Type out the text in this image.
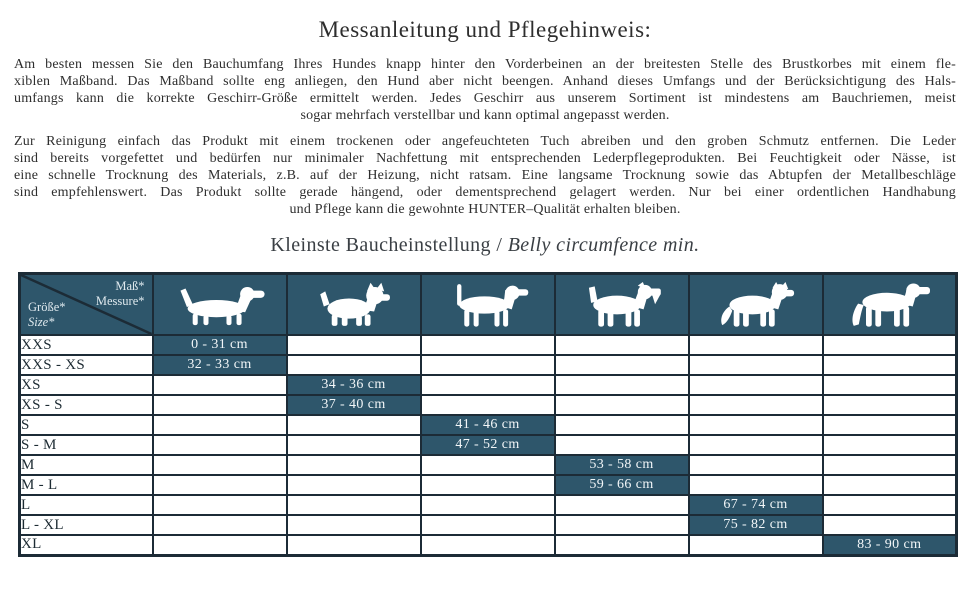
Messanleitung und Pflegehinweis:
Am besten messen Sie den Bauchumfang Ihres Hundes knapp hinter den Vorderbeinen an der breitesten Stelle des Brustkorbes mit einem fle-
xiblen Maßband. Das Maßband sollte eng anliegen, den Hund aber nicht beengen. Anhand dieses Umfangs und der Berücksichtigung des Hals-
umfangs kann die korrekte Geschirr-Größe ermittelt werden. Jedes Geschirr aus unserem Sortiment ist mindestens am Bauchriemen, meist
sogar mehrfach verstellbar und kann optimal angepasst werden.
Zur Reinigung einfach das Produkt mit einem trockenen oder angefeuchteten Tuch abreiben und den groben Schmutz entfernen. Die Leder
sind bereits vorgefettet und bedürfen nur minimaler Nachfettung mit entsprechenden Lederpflegeprodukten. Bei Feuchtigkeit oder Nässe, ist
eine schnelle Trocknung des Materials, z.B. auf der Heizung, nicht ratsam. Eine langsame Trocknung sowie das Abtupfen der Metallbeschläge
sind empfehlenswert. Das Produkt sollte gerade hängend, oder dementsprechend gelagert werden. Nur bei einer ordentlichen Handhabung
und Pflege kann die gewohnte HUNTER–Qualität erhalten bleiben.
Kleinste Baucheinstellung / Belly circumfence min.
Maß*
Messure*
Größe*
Size*

XXS	0 - 31 cm					
XXS - XS	32 - 33 cm					
XS		34 - 36 cm				
XS - S		37 - 40 cm				
S			41 - 46 cm			
S - M			47 - 52 cm			
M				53 - 58 cm		
M - L				59 - 66 cm		
L					67 - 74 cm	
L - XL					75 - 82 cm	
XL						83 - 90 cm
